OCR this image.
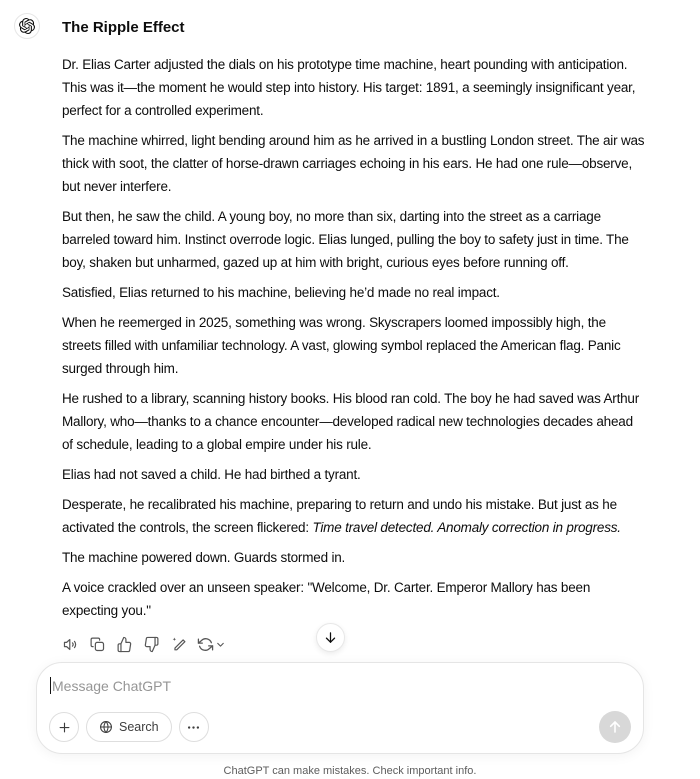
The Ripple Effect

Dr. Elias Carter adjusted the dials on his prototype time machine, heart pounding with anticipation. This was it—the moment he would step into history. His target: 1891, a seemingly insignificant year, perfect for a controlled experiment.

The machine whirred, light bending around him as he arrived in a bustling London street. The air was thick with soot, the clatter of horse-drawn carriages echoing in his ears. He had one rule—observe, but never interfere.

But then, he saw the child. A young boy, no more than six, darting into the street as a carriage barreled toward him. Instinct overrode logic. Elias lunged, pulling the boy to safety just in time. The boy, shaken but unharmed, gazed up at him with bright, curious eyes before running off.

Satisfied, Elias returned to his machine, believing he’d made no real impact.

When he reemerged in 2025, something was wrong. Skyscrapers loomed impossibly high, the streets filled with unfamiliar technology. A vast, glowing symbol replaced the American flag. Panic surged through him.

He rushed to a library, scanning history books. His blood ran cold. The boy he had saved was Arthur Mallory, who—thanks to a chance encounter—developed radical new technologies decades ahead of schedule, leading to a global empire under his rule.

Elias had not saved a child. He had birthed a tyrant.

Desperate, he recalibrated his machine, preparing to return and undo his mistake. But just as he activated the controls, the screen flickered: Time travel detected. Anomaly correction in progress.

The machine powered down. Guards stormed in.

A voice crackled over an unseen speaker: "Welcome, Dr. Carter. Emperor Mallory has been expecting you."

Message ChatGPT
Search
ChatGPT can make mistakes. Check important info.
